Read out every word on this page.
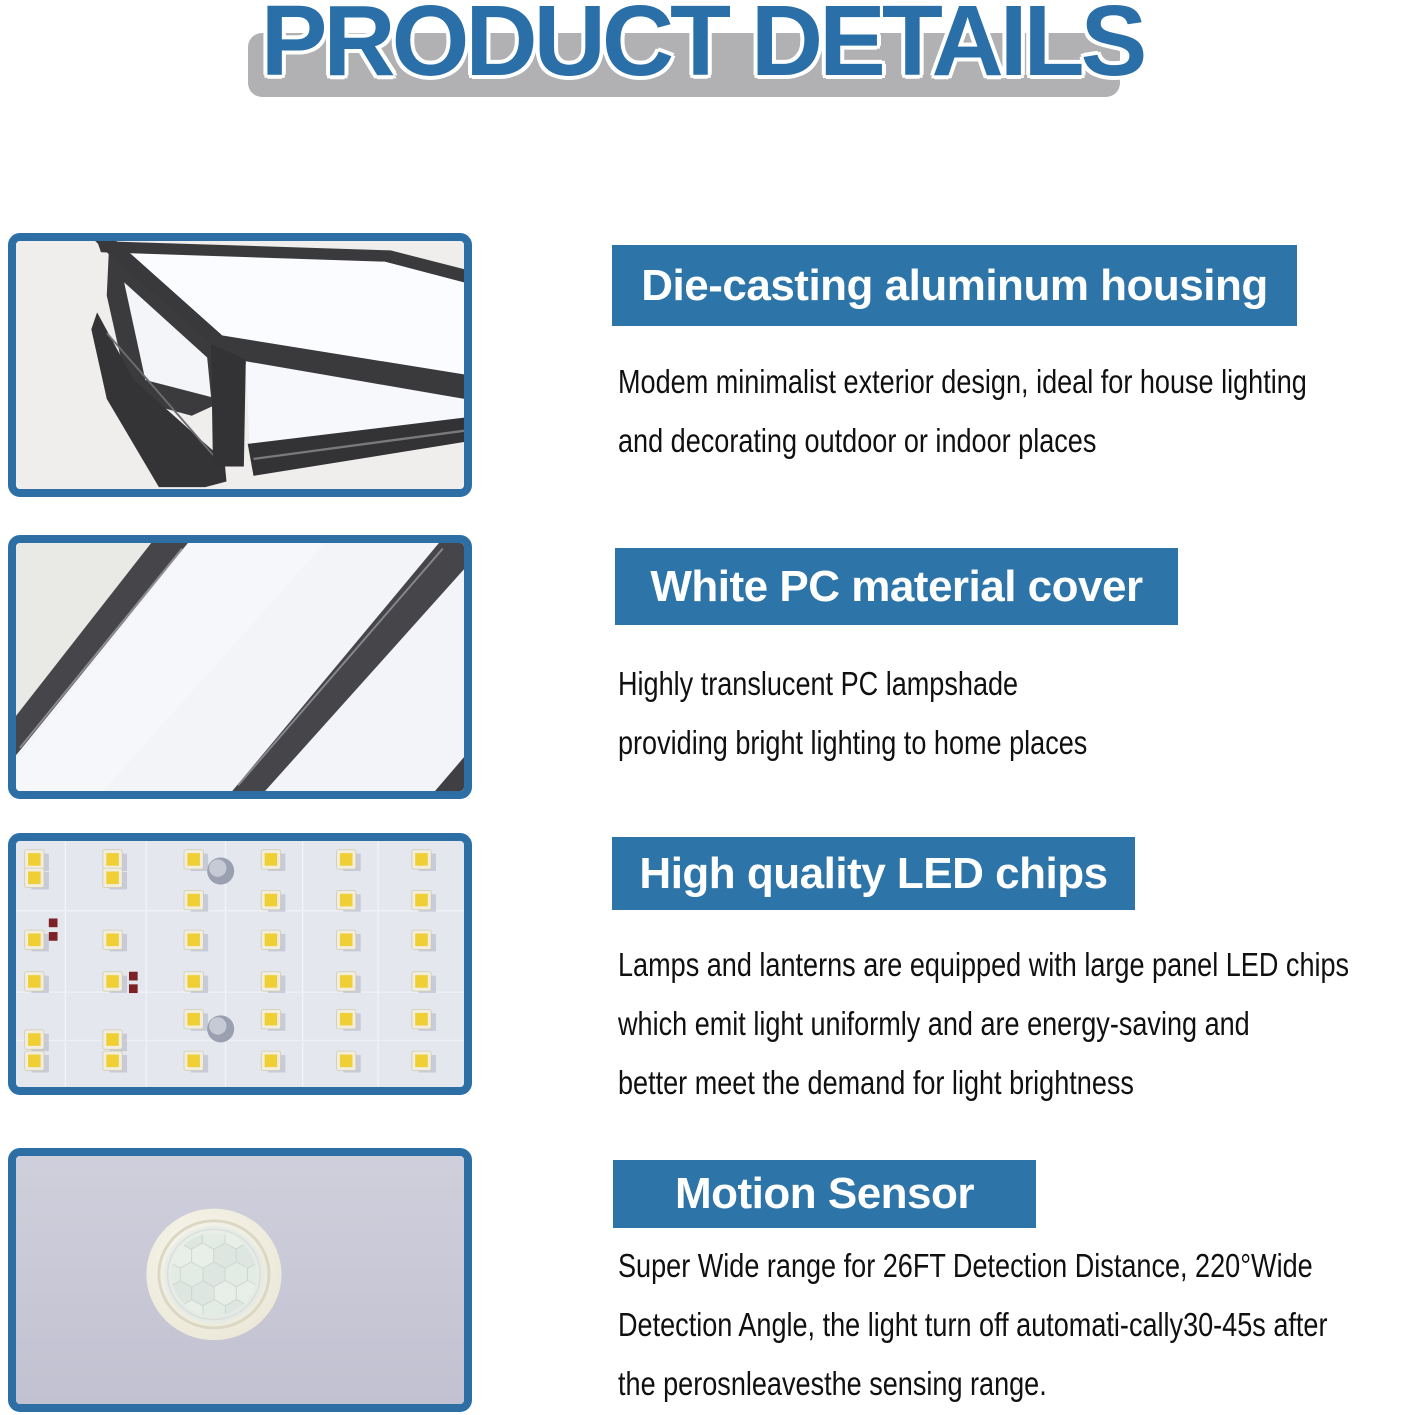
PRODUCT DETAILS
Die-casting aluminum housing
Modem minimalist exterior design, ideal for house lighting
and decorating outdoor or indoor places
White PC material cover
Highly translucent PC lampshade
providing bright lighting to home places
High quality LED chips
Lamps and lanterns are equipped with large panel LED chips
which emit light uniformly and are energy-saving and
better meet the demand for light brightness
Motion Sensor
Super Wide range for 26FT Detection Distance, 220°Wide
Detection Angle, the light turn off automati-cally30-45s after
the perosnleavesthe sensing range.
